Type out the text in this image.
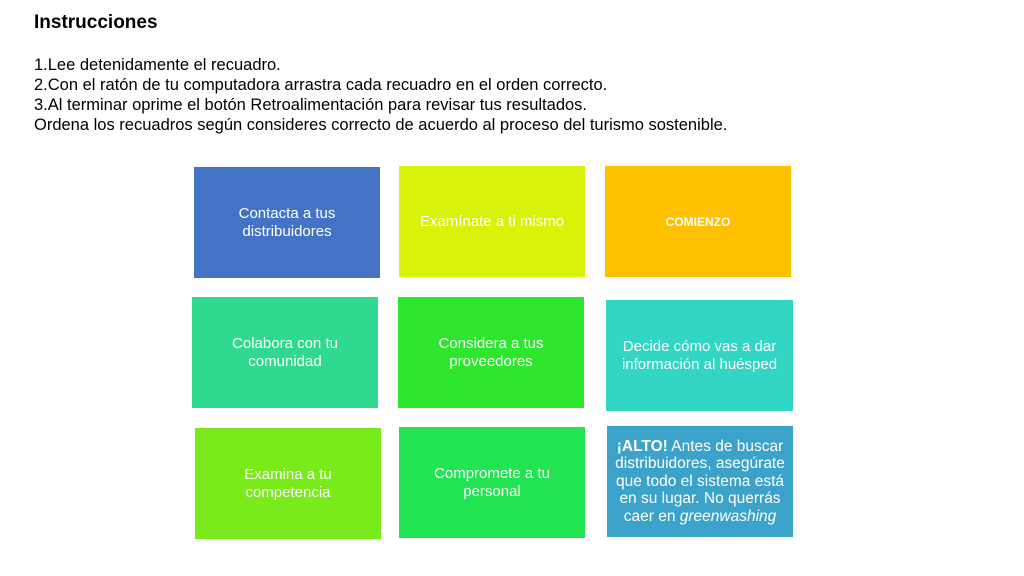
Instrucciones
1.Lee detenidamente el recuadro.
2.Con el ratón de tu computadora arrastra cada recuadro en el orden correcto.
3.Al terminar oprime el botón Retroalimentación para revisar tus resultados.
Ordena los recuadros según consideres correcto de acuerdo al proceso del turismo sostenible.
Contacta a tus distribuidores
Examínate a ti mismo	COMIENZO
Colabora con tu comunidad
Considera a tus proveedores
Decide cómo vas a dar información al huésped
Examina a tu competencia
Compromete a tu personal
¡ALTO! Antes de buscar distribuidores, asegúrate que todo el sistema está en su lugar. No querrás caer en greenwashing
